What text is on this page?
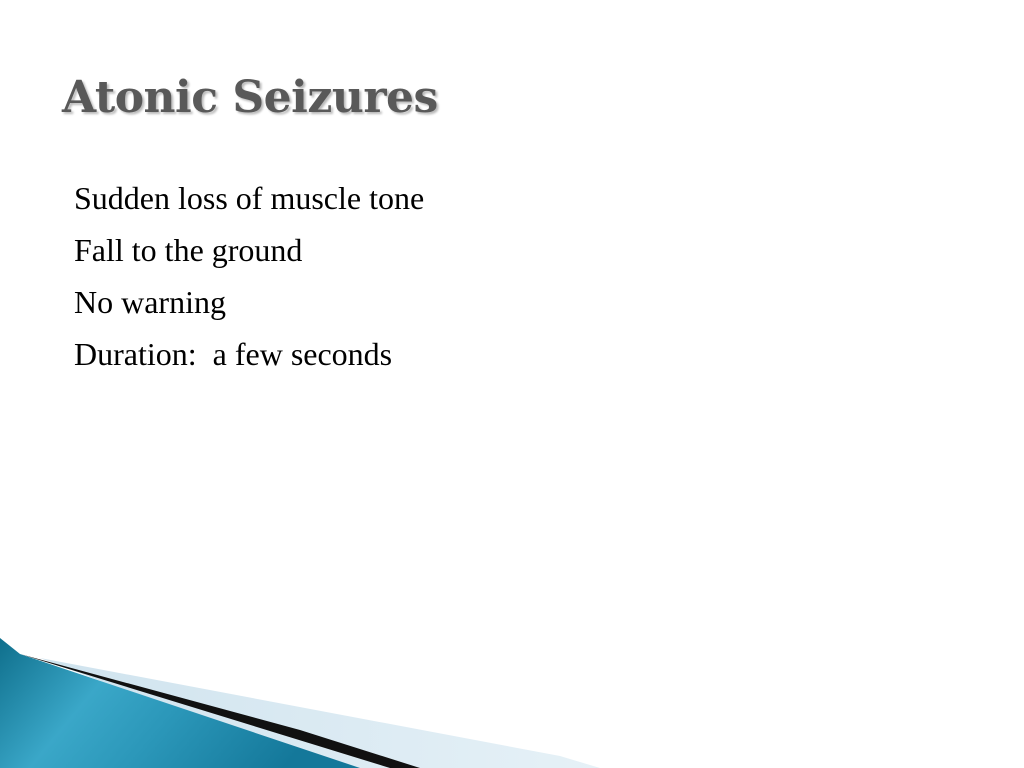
Atonic Seizures
Sudden loss of muscle tone
Fall to the ground
No warning
Duration:  a few seconds
